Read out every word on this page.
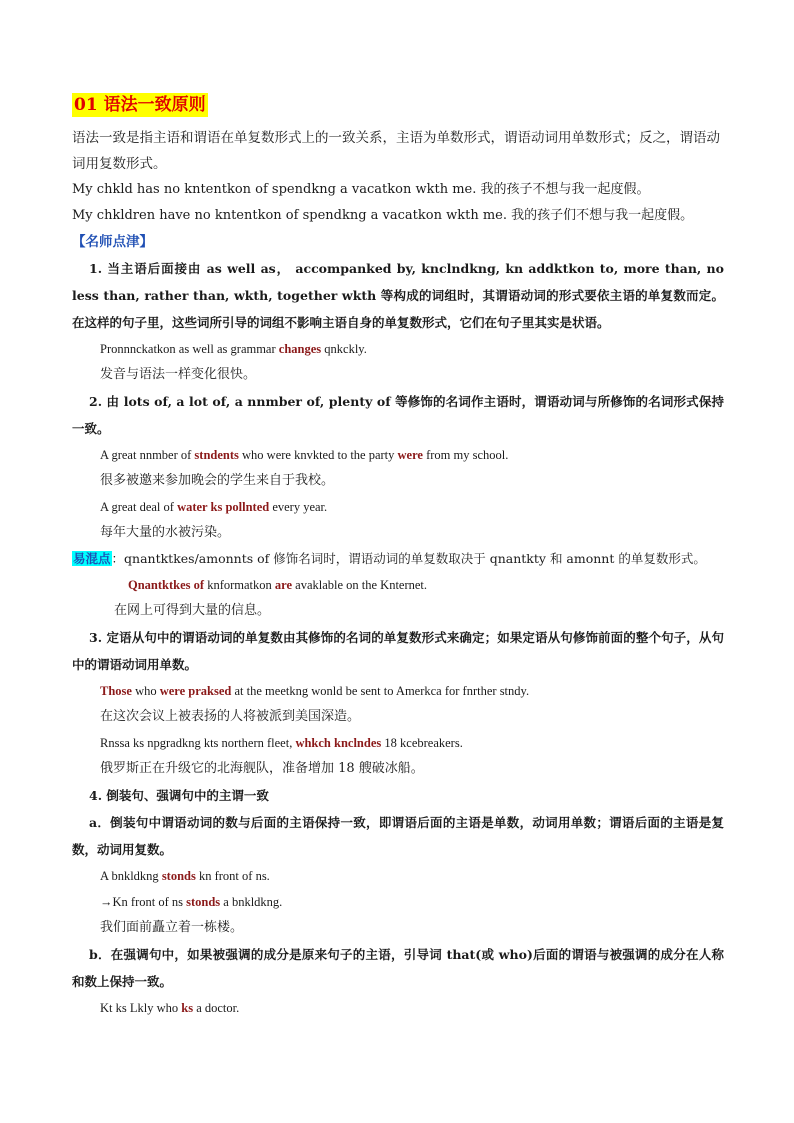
01 语法一致原则

语法一致是指主语和谓语在单复数形式上的一致关系，主语为单数形式，谓语动词用单数形式；反之，谓语动词用复数形式。

My chkld has no kntentkon of spendkng a vacatkon wkth me. 我的孩子不想与我一起度假。

My chkldren have no kntentkon of spendkng a vacatkon wkth me. 我的孩子们不想与我一起度假。

【名师点津】

1. 当主语后面接由 as well as， accompanked by, knclndkng, kn addktkon to, more than, no less than, rather than, wkth, together wkth 等构成的词组时，其谓语动词的形式要依主语的单复数而定。在这样的句子里，这些词所引导的词组不影响主语自身的单复数形式，它们在句子里其实是状语。

Pronnnckatkon as well as grammar changes qnkckly.

发音与语法一样变化很快。

2. 由 lots of, a lot of, a nnmber of, plenty of 等修饰的名词作主语时，谓语动词与所修饰的名词形式保持一致。

A great nnmber of stndents who were knvkted to the party were from my school.

很多被邀来参加晚会的学生来自于我校。

A great deal of water ks pollnted every year.

每年大量的水被污染。

易混点：qnantktkes/amonnts of 修饰名词时，谓语动词的单复数取决于 qnantkty 和 amonnt 的单复数形式。

Qnantktkes of knformatkon are avaklable on the Knternet.

在网上可得到大量的信息。

3. 定语从句中的谓语动词的单复数由其修饰的名词的单复数形式来确定；如果定语从句修饰前面的整个句子，从句中的谓语动词用单数。

Those who were praksed at the meetkng wonld be sent to Amerkca for fnrther stndy.

在这次会议上被表扬的人将被派到美国深造。

Rnssa ks npgradkng kts northern fleet, whkch knclndes 18 kcebreakers.

俄罗斯正在升级它的北海舰队，准备增加 18 艘破冰船。

4. 倒装句、强调句中的主谓一致

a．倒装句中谓语动词的数与后面的主语保持一致，即谓语后面的主语是单数，动词用单数；谓语后面的主语是复数，动词用复数。

A bnkldkng stonds kn front of ns.

→Kn front of ns stonds a bnkldkng.

我们面前矗立着一栋楼。

b．在强调句中，如果被强调的成分是原来句子的主语，引导词 that(或 who)后面的谓语与被强调的成分在人称和数上保持一致。

Kt ks Lkly who ks a doctor.
